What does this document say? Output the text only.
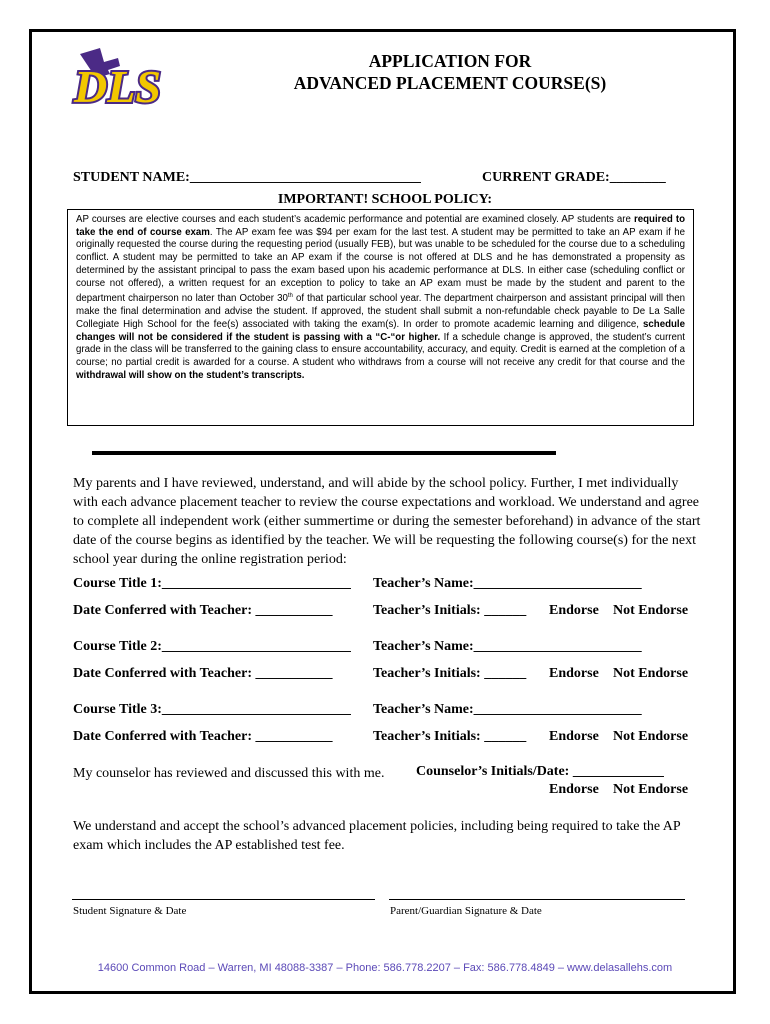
DLS	APPLICATION FOR
ADVANCED PLACEMENT COURSE(S)
STUDENT NAME:_________________________________	CURRENT GRADE:________
IMPORTANT! SCHOOL POLICY:
AP courses are elective courses and each student’s academic performance and potential are examined closely. AP students are required to take the end of course exam. The AP exam fee was $94 per exam for the last test. A student may be permitted to take an AP exam if he originally requested the course during the requesting period (usually FEB), but was unable to be scheduled for the course due to a scheduling conflict. A student may be permitted to take an AP exam if the course is not offered at DLS and he has demonstrated a propensity as determined by the assistant principal to pass the exam based upon his academic performance at DLS. In either case (scheduling conflict or course not offered), a written request for an exception to policy to take an AP exam must be made by the student and parent to the department chairperson no later than October 30th of that particular school year. The department chairperson and assistant principal will then make the final determination and advise the student. If approved, the student shall submit a non-refundable check payable to De La Salle Collegiate High School for the fee(s) associated with taking the exam(s). In order to promote academic learning and diligence, schedule changes will not be considered if the student is passing with a “C-“or higher. If a schedule change is approved, the student’s current grade in the class will be transferred to the gaining class to ensure accountability, accuracy, and equity. Credit is earned at the completion of a course; no partial credit is awarded for a course. A student who withdraws from a course will not receive any credit for that course and the withdrawal will show on the student’s transcripts.
My parents and I have reviewed, understand, and will abide by the school policy. Further, I met individually with each advance placement teacher to review the course expectations and workload. We understand and agree to complete all independent work (either summertime or during the semester beforehand) in advance of the start date of the course begins as identified by the teacher. We will be requesting the following course(s) for the next school year during the online registration period:
Course Title 1:___________________________ Teacher’s Name:________________________
Date Conferred with Teacher: ___________	Teacher’s Initials: ______ Endorse Not Endorse
Course Title 2:___________________________ Teacher’s Name:________________________
Date Conferred with Teacher: ___________	Teacher’s Initials: ______ Endorse Not Endorse
Course Title 3:___________________________ Teacher’s Name:________________________
Date Conferred with Teacher: ___________	Teacher’s Initials: ______ Endorse Not Endorse
My counselor has reviewed and discussed this with me. Counselor’s Initials/Date: _____________
Endorse Not Endorse
We understand and accept the school’s advanced placement policies, including being required to take the AP exam which includes the AP established test fee.
Student Signature & Date	Parent/Guardian Signature & Date
14600 Common Road – Warren, MI 48088-3387 – Phone: 586.778.2207 – Fax: 586.778.4849 – www.delasallehs.com
